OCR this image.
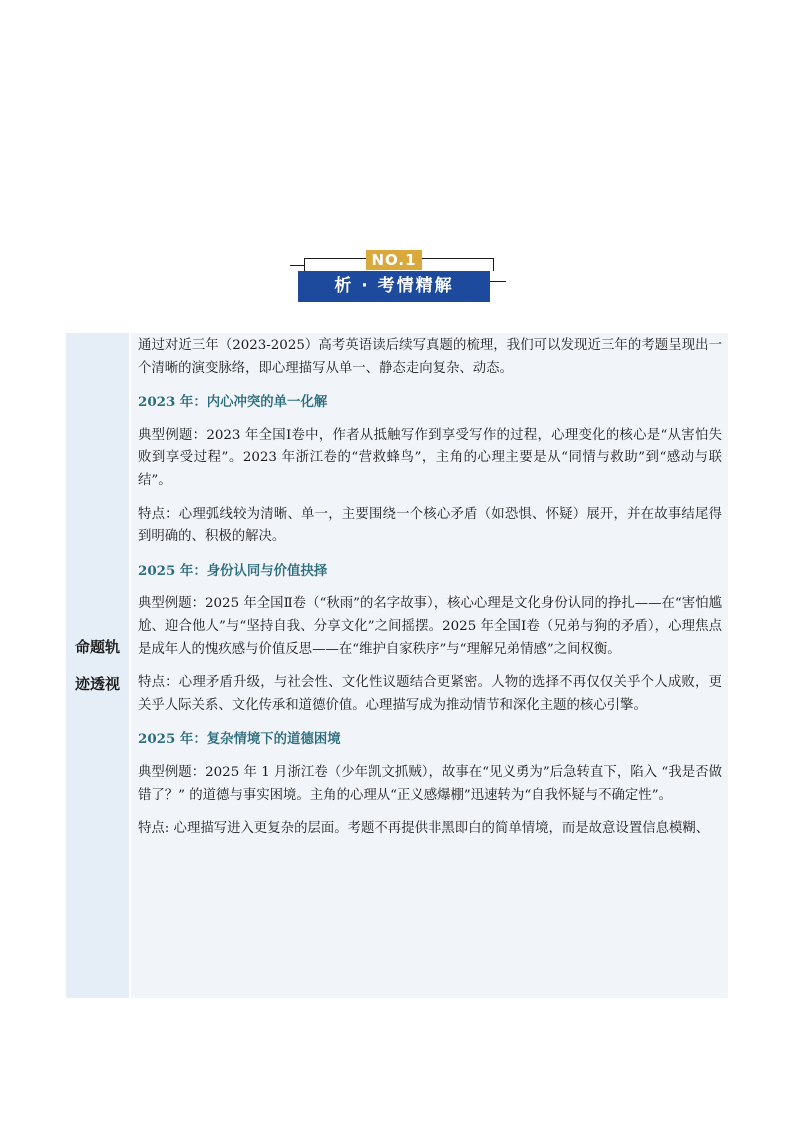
NO.1
析 · 考情精解
命题轨
迹透视

通过对近三年（2023-2025）高考英语读后续写真题的梳理，我们可以发现近三年的考题呈现出一个清晰的演变脉络，即心理描写从单一、静态走向复杂、动态。

2023 年：内心冲突的单一化解

典型例题：2023 年全国Ⅰ卷中，作者从抵触写作到享受写作的过程，心理变化的核心是“从害怕失败到享受过程”。2023 年浙江卷的“营救蜂鸟”，主角的心理主要是从“同情与救助”到“感动与联结”。

特点：心理弧线较为清晰、单一，主要围绕一个核心矛盾（如恐惧、怀疑）展开，并在故事结尾得到明确的、积极的解决。

2025 年：身份认同与价值抉择

典型例题：2025 年全国Ⅱ卷（“秋雨”的名字故事），核心心理是文化身份认同的挣扎——在“害怕尴尬、迎合他人”与“坚持自我、分享文化”之间摇摆。2025 年全国Ⅰ卷（兄弟与狗的矛盾），心理焦点是成年人的愧疚感与价值反思——在“维护自家秩序”与“理解兄弟情感”之间权衡。

特点：心理矛盾升级，与社会性、文化性议题结合更紧密。人物的选择不再仅仅关乎个人成败，更关乎人际关系、文化传承和道德价值。心理描写成为推动情节和深化主题的核心引擎。

2025 年：复杂情境下的道德困境

典型例题：2025 年 1 月浙江卷（少年凯文抓贼），故事在“见义勇为”后急转直下，陷入 “我是否做错了？” 的道德与事实困境。主角的心理从“正义感爆棚”迅速转为“自我怀疑与不确定性”。

特点: 心理描写进入更复杂的层面。考题不再提供非黑即白的简单情境，而是故意设置信息模糊、
